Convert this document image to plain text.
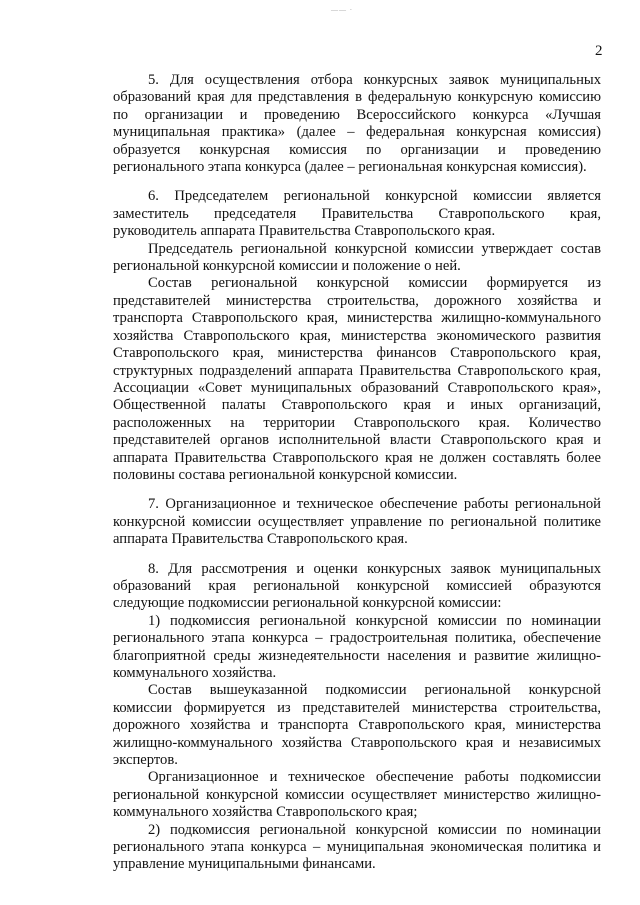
—— ·
2

5. Для осуществления отбора конкурсных заявок муниципальных образований края для представления в федеральную конкурсную комиссию по организации и проведению Всероссийского конкурса «Лучшая муниципальная практика» (далее – федеральная конкурсная комиссия) образуется конкурсная комиссия по организации и проведению регионального этапа конкурса (далее – региональная конкурсная комиссия).

6. Председателем региональной конкурсной комиссии является заместитель председателя Правительства Ставропольского края, руководитель аппарата Правительства Ставропольского края.

Председатель региональной конкурсной комиссии утверждает состав региональной конкурсной комиссии и положение о ней.

Состав региональной конкурсной комиссии формируется из представителей министерства строительства, дорожного хозяйства и транспорта Ставропольского края, министерства жилищно-коммунального хозяйства Ставропольского края, министерства экономического развития Ставропольского края, министерства финансов Ставропольского края, структурных подразделений аппарата Правительства Ставропольского края, Ассоциации «Совет муниципальных образований Ставропольского края», Общественной палаты Ставропольского края и иных организаций, расположенных на территории Ставропольского края. Количество представителей органов исполнительной власти Ставропольского края и аппарата Правительства Ставропольского края не должен составлять более половины состава региональной конкурсной комиссии.

7. Организационное и техническое обеспечение работы региональной конкурсной комиссии осуществляет управление по региональной политике аппарата Правительства Ставропольского края.

8. Для рассмотрения и оценки конкурсных заявок муниципальных образований края региональной конкурсной комиссией образуются следующие подкомиссии региональной конкурсной комиссии:

1) подкомиссия региональной конкурсной комиссии по номинации регионального этапа конкурса – градостроительная политика, обеспечение благоприятной среды жизнедеятельности населения и развитие жилищно-коммунального хозяйства.

Состав вышеуказанной подкомиссии региональной конкурсной комиссии формируется из представителей министерства строительства, дорожного хозяйства и транспорта Ставропольского края, министерства жилищно-коммунального хозяйства Ставропольского края и независимых экспертов.

Организационное и техническое обеспечение работы подкомиссии региональной конкурсной комиссии осуществляет министерство жилищно-коммунального хозяйства Ставропольского края;

2) подкомиссия региональной конкурсной комиссии по номинации регионального этапа конкурса – муниципальная экономическая политика и управление муниципальными финансами.
